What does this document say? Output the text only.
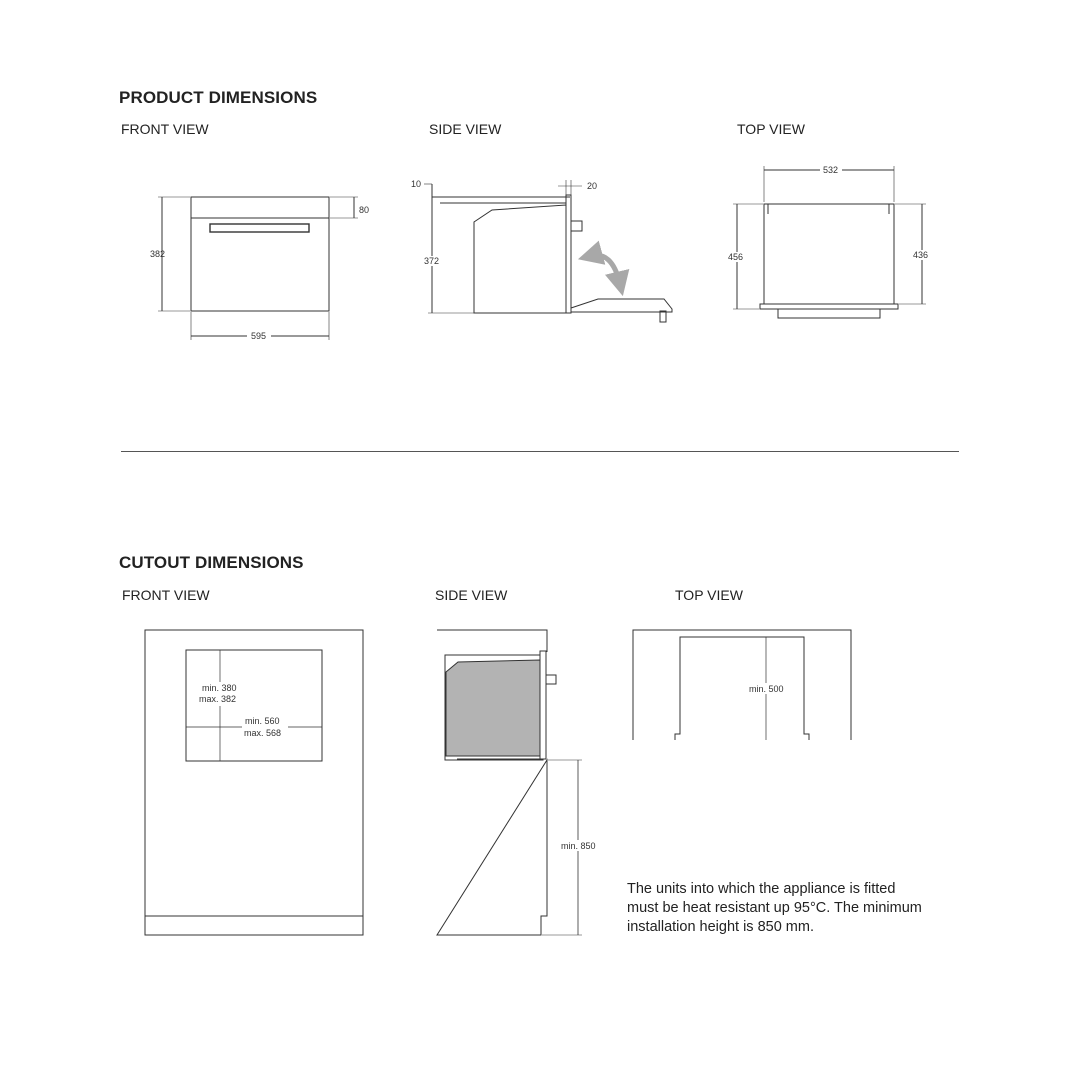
PRODUCT DIMENSIONS
FRONT VIEW	SIDE VIEW	TOP VIEW
CUTOUT DIMENSIONS
FRONT VIEW	SIDE VIEW	TOP VIEW
382
80
595
10	20
372
532
456	436
min. 380
max. 382
min. 560
max. 568
min. 850
min. 500
The units into which the appliance is fitted
must be heat resistant up 95°C. The minimum
installation height is 850 mm.
